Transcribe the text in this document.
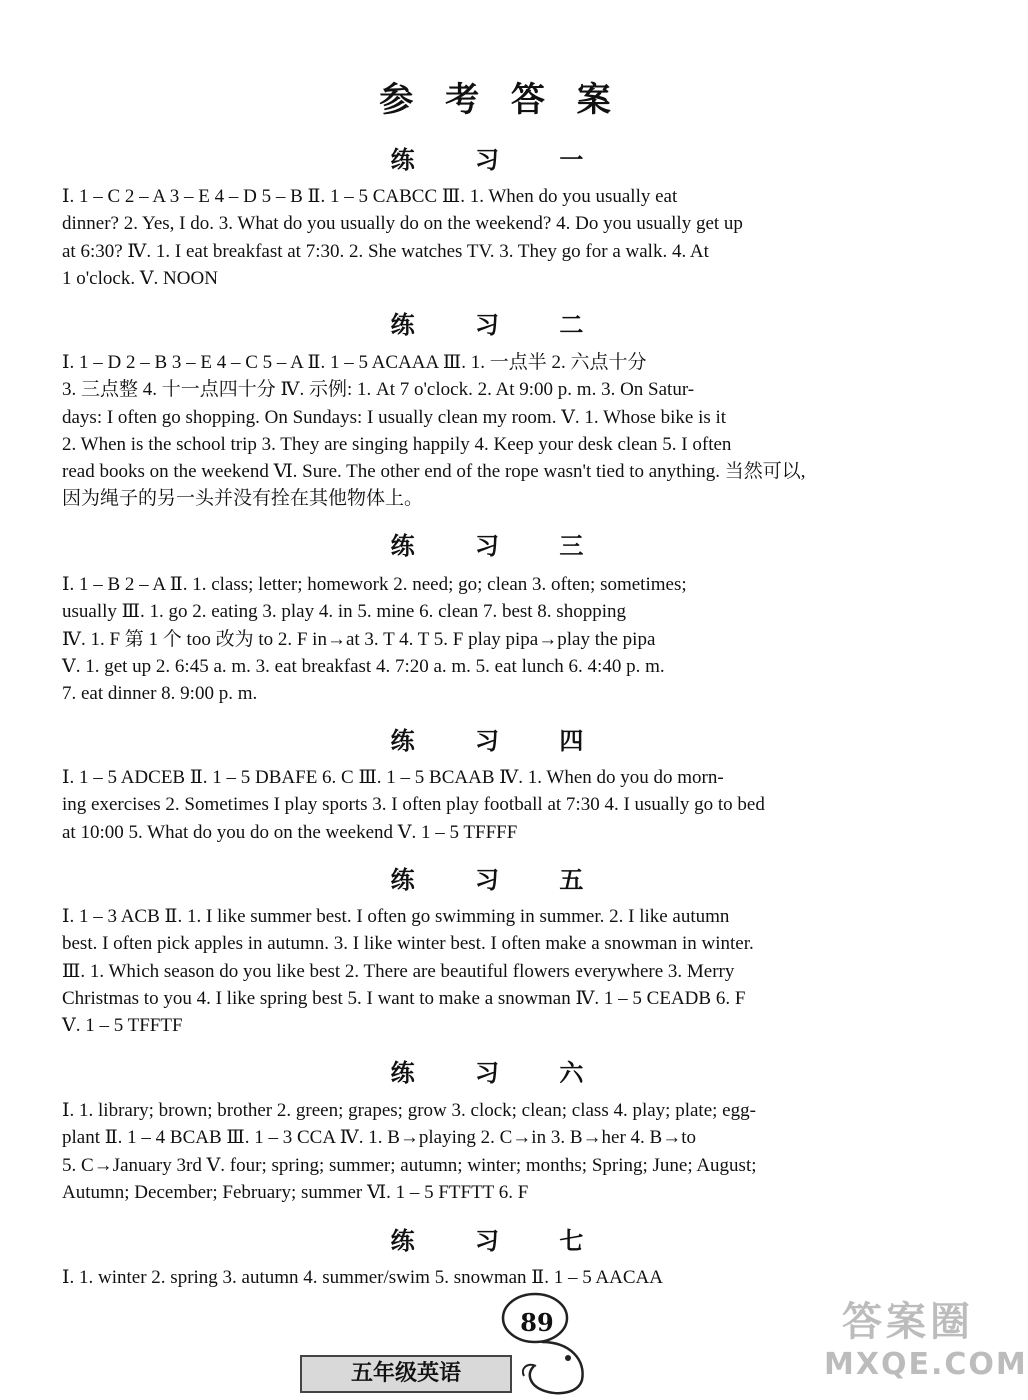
参 考 答 案
练 习 一
Ⅰ. 1 – C 2 – A 3 – E 4 – D 5 – B Ⅱ. 1 – 5 CABCC Ⅲ. 1. When do you usually eat
dinner? 2. Yes, I do. 3. What do you usually do on the weekend? 4. Do you usually get up
at 6:30? Ⅳ. 1. I eat breakfast at 7:30. 2. She watches TV. 3. They go for a walk. 4. At
1 o'clock. Ⅴ. NOON
练 习 二
Ⅰ. 1 – D 2 – B 3 – E 4 – C 5 – A Ⅱ. 1 – 5 ACAAA Ⅲ. 1. 一点半 2. 六点十分
3. 三点整 4. 十一点四十分 Ⅳ. 示例: 1. At 7 o'clock. 2. At 9:00 p. m. 3. On Satur-
days: I often go shopping. On Sundays: I usually clean my room. Ⅴ. 1. Whose bike is it
2. When is the school trip 3. They are singing happily 4. Keep your desk clean 5. I often
read books on the weekend Ⅵ. Sure. The other end of the rope wasn't tied to anything. 当然可以,
因为绳子的另一头并没有拴在其他物体上。
练 习 三
Ⅰ. 1 – B 2 – A Ⅱ. 1. class; letter; homework 2. need; go; clean 3. often; sometimes;
usually Ⅲ. 1. go 2. eating 3. play 4. in 5. mine 6. clean 7. best 8. shopping
Ⅳ. 1. F 第 1 个 too 改为 to 2. F in→at 3. T 4. T 5. F play pipa→play the pipa
Ⅴ. 1. get up 2. 6:45 a. m. 3. eat breakfast 4. 7:20 a. m. 5. eat lunch 6. 4:40 p. m.
7. eat dinner 8. 9:00 p. m.
练 习 四
Ⅰ. 1 – 5 ADCEB Ⅱ. 1 – 5 DBAFE 6. C Ⅲ. 1 – 5 BCAAB Ⅳ. 1. When do you do morn-
ing exercises 2. Sometimes I play sports 3. I often play football at 7:30 4. I usually go to bed
at 10:00 5. What do you do on the weekend Ⅴ. 1 – 5 TFFFF
练 习 五
Ⅰ. 1 – 3 ACB Ⅱ. 1. I like summer best. I often go swimming in summer. 2. I like autumn
best. I often pick apples in autumn. 3. I like winter best. I often make a snowman in winter.
Ⅲ. 1. Which season do you like best 2. There are beautiful flowers everywhere 3. Merry
Christmas to you 4. I like spring best 5. I want to make a snowman Ⅳ. 1 – 5 CEADB 6. F
Ⅴ. 1 – 5 TFFTF
练 习 六
Ⅰ. 1. library; brown; brother 2. green; grapes; grow 3. clock; clean; class 4. play; plate; egg-
plant Ⅱ. 1 – 4 BCAB Ⅲ. 1 – 3 CCA Ⅳ. 1. B→playing 2. C→in 3. B→her 4. B→to
5. C→January 3rd Ⅴ. four; spring; summer; autumn; winter; months; Spring; June; August;
Autumn; December; February; summer Ⅵ. 1 – 5 FTFTT 6. F
练 习 七
Ⅰ. 1. winter 2. spring 3. autumn 4. summer/swim 5. snowman Ⅱ. 1 – 5 AACAA
89
五年级英语
答案圈
MXQE.COM
